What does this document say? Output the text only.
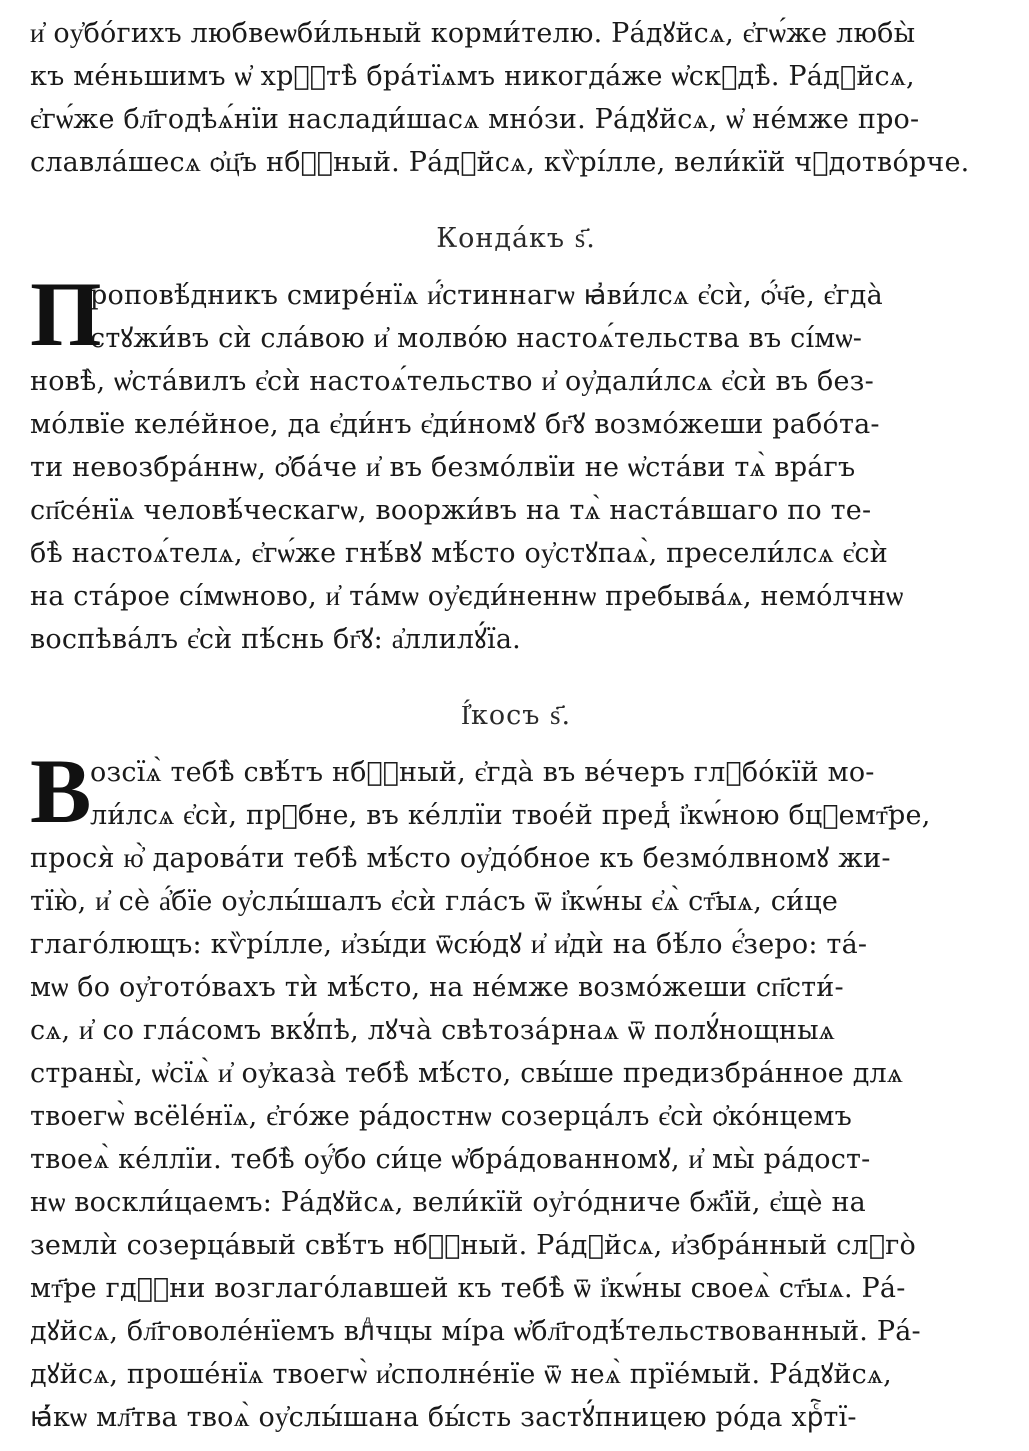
и҆ оу҆бо́гихъ любвеѡби́льный корми́телю. Ра́дꙋйсѧ, є҆гѡ́же любы̀
къ ме́ньшимъ ѡ҆ хрⷭ҇тѣ̀ бра́тїѧмъ никогда́же ѡ҆скꙋдѣ̀. Ра́дꙋйсѧ,
є҆гѡ́же бл҃годѣѧ́нїи наслади́шасѧ мно́зи. Ра́дꙋйсѧ, ѡ҆ не́мже про-
славла́шесѧ ѻ҆ц҃ъ нбⷭ҇ный. Ра́дꙋйсѧ, кѷрі́лле, вели́кїй чꙋдотво́рче.
Конда́къ ѕ҃.
П
роповѣ́дникъ смире́нїѧ и҆́стиннагѡ ꙗ҆ви́лсѧ є҆сѝ, ѻ҆́ч҃е, є҆гда̀
стꙋжи́въ сѝ сла́вою и҆ молво́ю настоѧ́тельства въ сі́мѡ-
новѣ̀, ѡ҆ста́вилъ є҆сѝ настоѧ́тельство и҆ оу҆дали́лсѧ є҆сѝ въ без-
мо́лвїе келе́йное, да є҆ди́нъ є҆ди́номꙋ бг҃ꙋ возмо́жеши рабо́та-
ти невозбра́ннѡ, ѻ҆ба́че и҆ въ безмо́лвїи не ѡ҆ста́ви тѧ̀ вра́гъ
сп҃се́нїѧ человѣ́ческагѡ, вооржи́въ на тѧ̀ наста́вшаго по те-
бѣ̀ настоѧ́телѧ, є҆гѡ́же гнѣ́вꙋ мѣ́сто оу҆стꙋпаѧ̀, пресели́лсѧ є҆сѝ
на ста́рое сі́мѡново, и҆ та́мѡ оу҆єди́неннѡ пребыва́ѧ, немо́лчнѡ
воспѣва́лъ є҆сѝ пѣ́снь бг҃ꙋ: а҆ллилꙋ́їа.
І҆́косъ ѕ҃.
В
озсїѧ̀ тебѣ̀ свѣ́тъ нбⷭ҇ный, є҆гда̀ въ ве́черъ глꙋбо́кїй мо-
ли́лсѧ є҆сѝ, прⷣбне, въ ке́ллїи твое́й пред̾ і҆кѡ́ною бцⷣемт҃ре,
прося̀ ю҆̀ дарова́ти тебѣ̀ мѣ́сто оу҆до́бное къ безмо́лвномꙋ жи-
тїю̀, и҆ сѐ а҆́бїе оу҆слы́шалъ є҆сѝ гла́съ ѿ і҆кѡ́ны є҆ѧ̀ ст҃ыѧ, си́це
глаго́лющъ: кѷрі́лле, и҆зы́ди ѿсю́дꙋ и҆ и҆дѝ на бѣ́ло є҆́зеро: та́-
мѡ бо оу҆гото́вахъ тѝ мѣ́сто, на не́мже возмо́жеши сп҃сти́-
сѧ, и҆ со гла́сомъ вкꙋ́пѣ, лꙋча̀ свѣтоза́рнаѧ ѿ полꙋ́нощныѧ
страны̀, ѡ҆сїѧ̀ и҆ оу҆каза̀ тебѣ̀ мѣ́сто, свы́ше предизбра́нное длѧ
твоегѡ̀ всëléнїѧ, є҆го́же ра́достнѡ созерца́лъ є҆сѝ ѻ҆ко́нцемъ
твоеѧ̀ ке́ллїи. тебѣ̀ оу҆́бо си́це ѡ҆бра́дованномꙋ, и҆ мы̀ ра́дост-
нѡ воскли́цаемъ: Ра́дꙋйсѧ, вели́кїй оу҆го́дниче бж҃їй, є҆щѐ на
землѝ созерца́вый свѣ́тъ нбⷭ҇ный. Ра́дꙋйсѧ, и҆збра́нный слꙋго̀
мт҃ре гдⷭ҇ни возглаго́лавшей къ тебѣ̀ ѿ і҆кѡ́ны своеѧ̀ ст҃ыѧ. Ра́-
дꙋйсѧ, бл҃говоле́нїемъ влⷣчцы мі́ра ѡ҆бл҃годѣ́тельствованный. Ра́-
дꙋйсѧ, проше́нїѧ твоегѡ̀ и҆сполне́нїе ѿ неѧ̀ прїе́мый. Ра́дꙋйсѧ,
ꙗ҆́кѡ мл҃тва твоѧ̀ оу҆слы́шана бы́сть застꙋ́пницею ро́да хрⷭ҇тї-
